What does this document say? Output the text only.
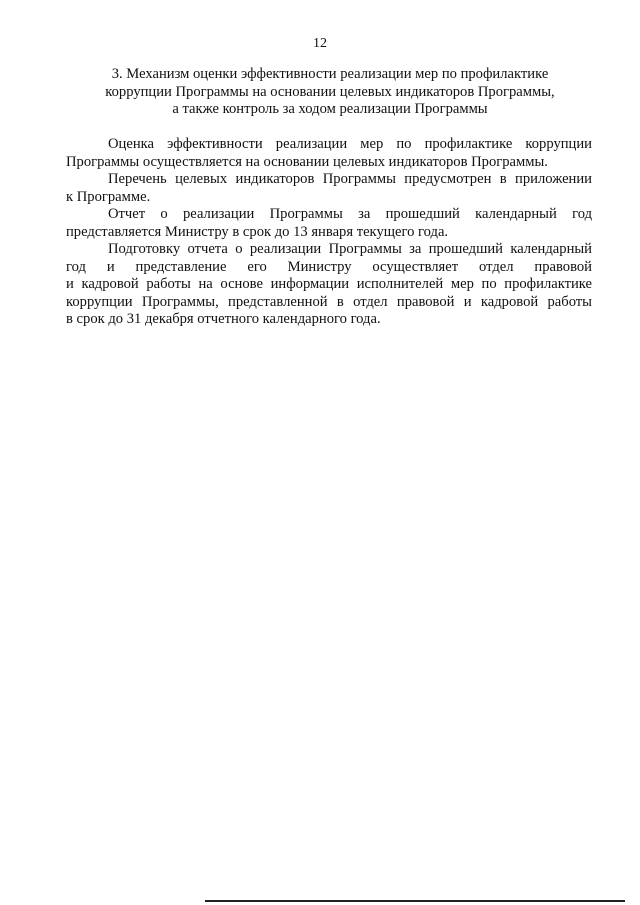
12
3. Механизм оценки эффективности реализации мер по профилактике
коррупции Программы на основании целевых индикаторов Программы,
а также контроль за ходом реализации Программы
Оценка эффективности реализации мер по профилактике коррупции
Программы осуществляется на основании целевых индикаторов Программы.
Перечень целевых индикаторов Программы предусмотрен в приложении
к Программе.
Отчет о реализации Программы за прошедший календарный год
представляется Министру в срок до 13 января текущего года.
Подготовку отчета о реализации Программы за прошедший календарный
год и представление его Министру осуществляет отдел правовой
и кадровой работы на основе информации исполнителей мер по профилактике
коррупции Программы, представленной в отдел правовой и кадровой работы
в срок до 31 декабря отчетного календарного года.
